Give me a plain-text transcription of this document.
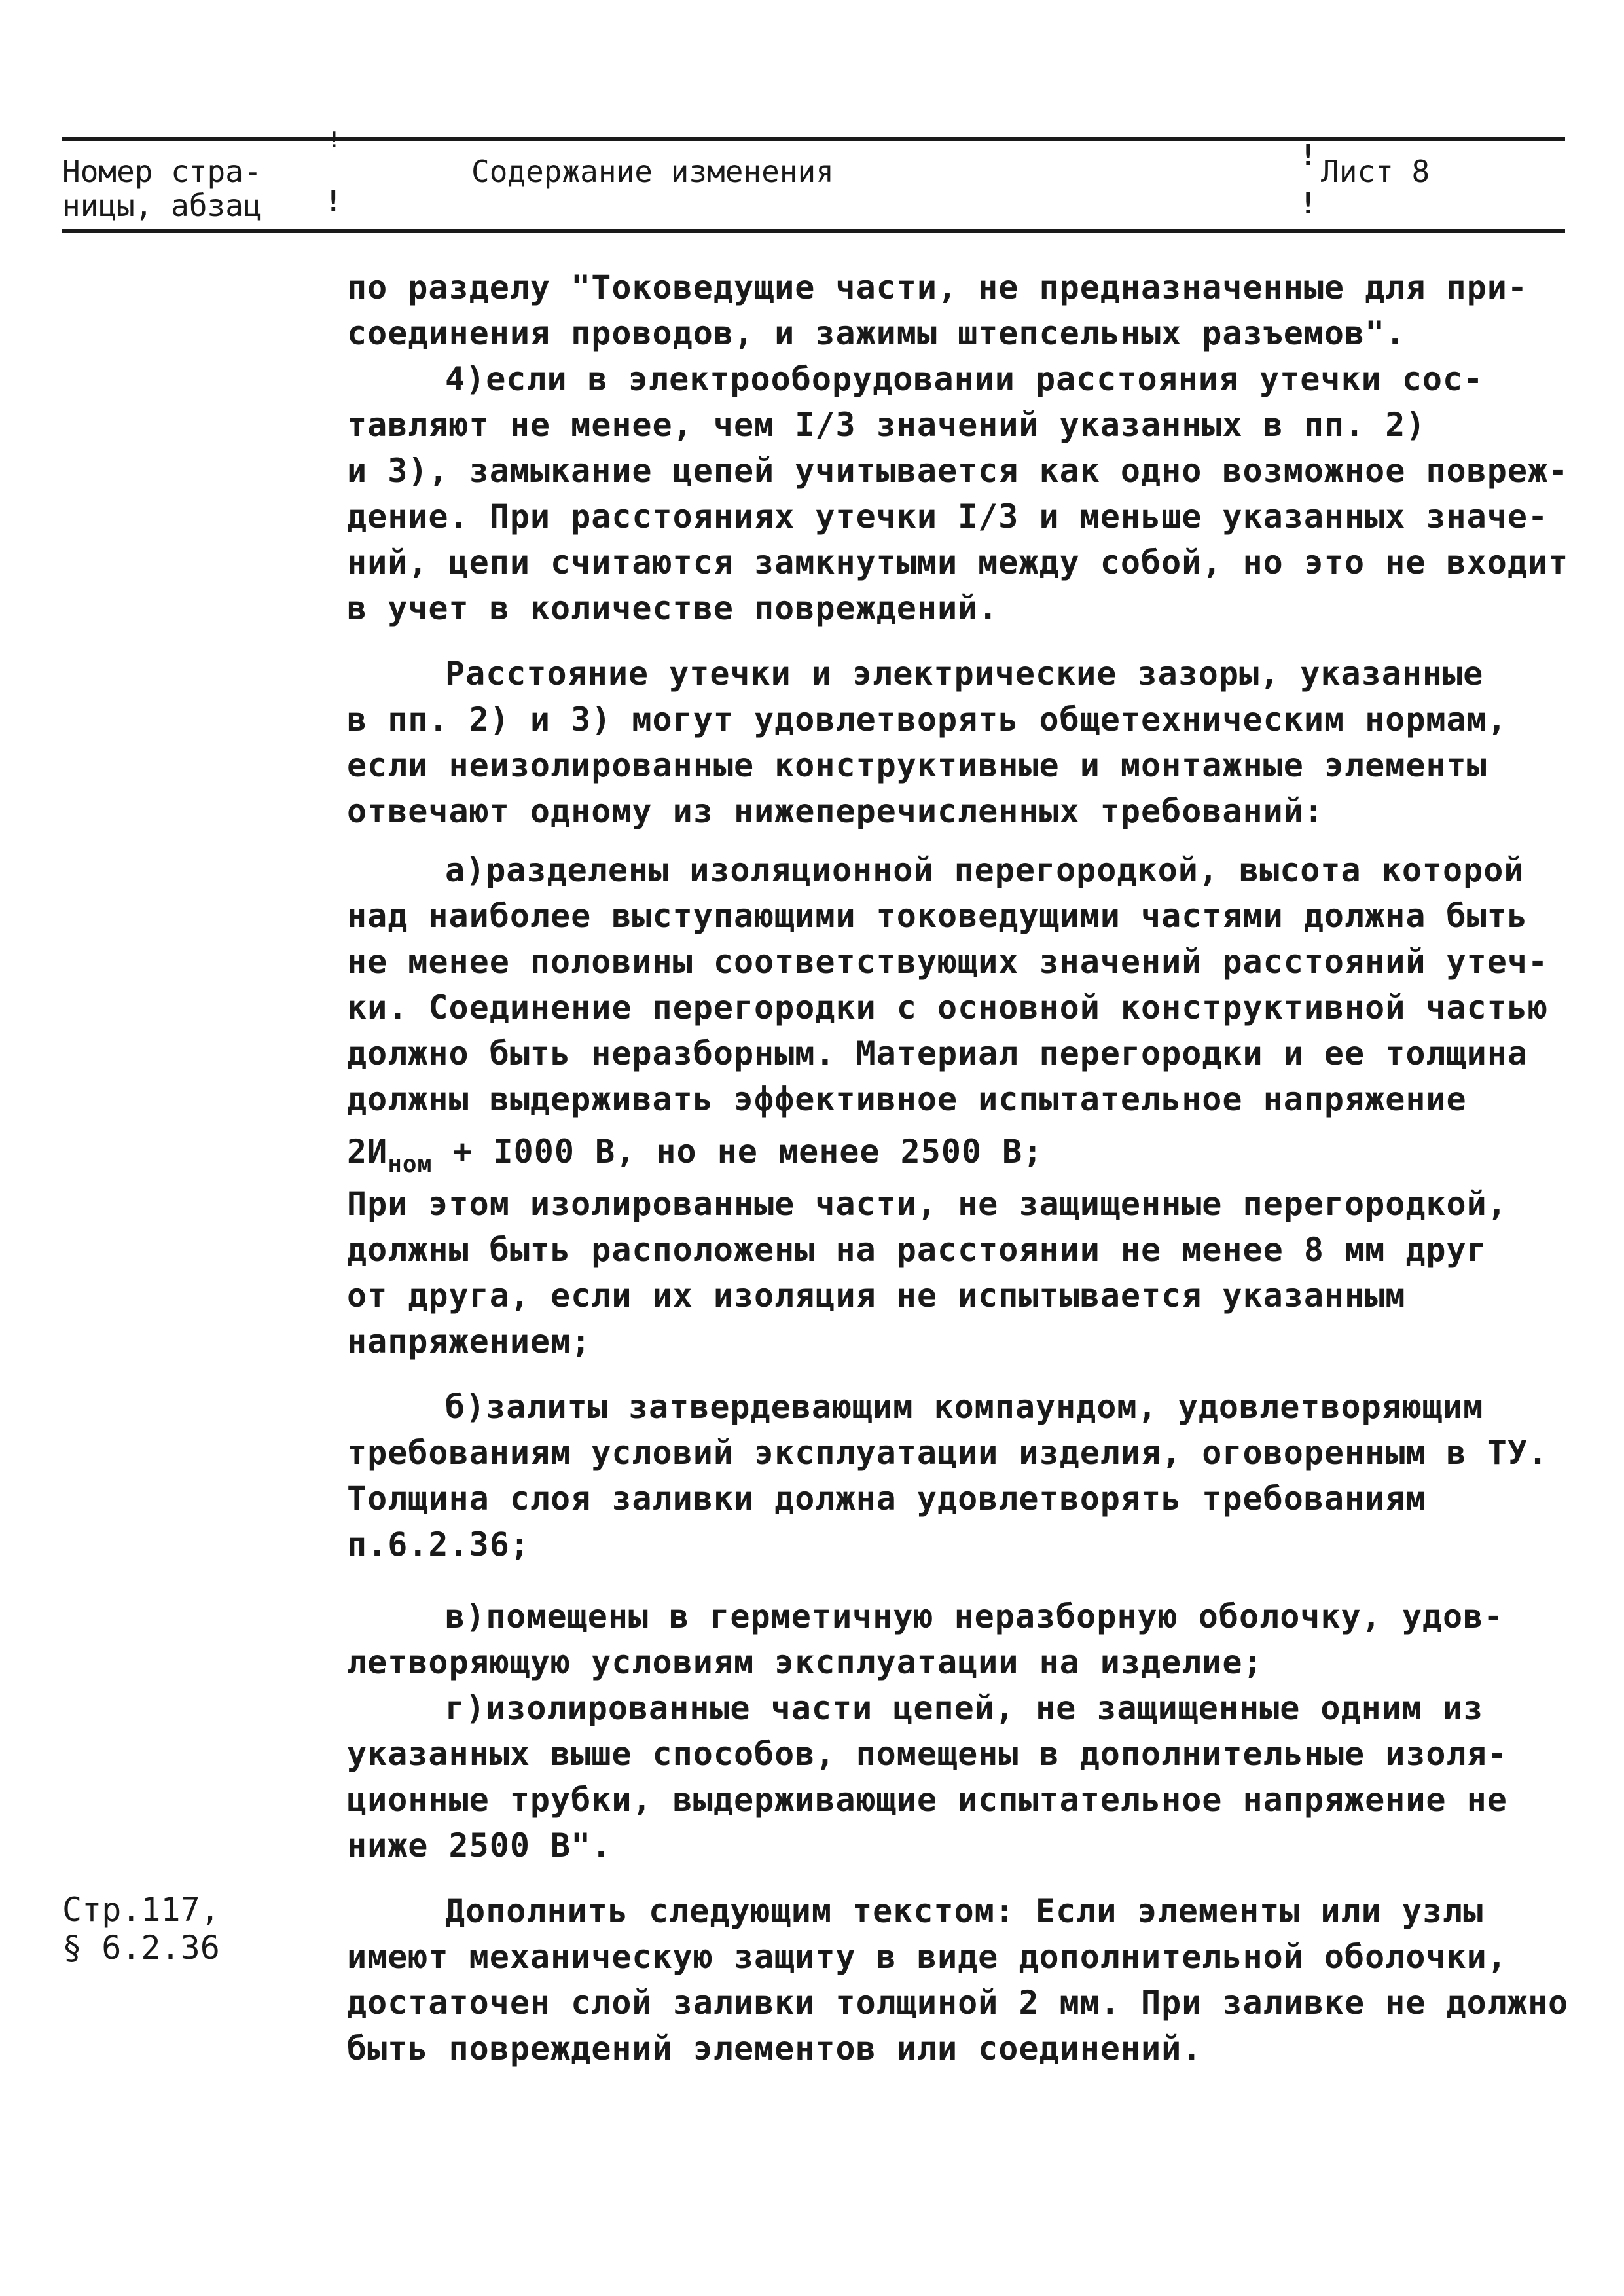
Номер стра-
ницы, абзац !
!
Содержание изменения	!
!
Лист 8
по разделу "Токоведущие части, не предназначенные для при-
соединения проводов, и зажимы штепсельных разъемов".
4)если в электрооборудовании расстояния утечки сос-
тавляют не менее, чем I/3 значений указанных в пп. 2)
и 3), замыкание цепей учитывается как одно возможное повреж-
дение. При расстояниях утечки I/3 и меньше указанных значе-
ний, цепи считаются замкнутыми между собой, но это не входит
в учет в количестве повреждений.
Расстояние утечки и электрические зазоры, указанные
в пп. 2) и 3) могут удовлетворять общетехническим нормам,
если неизолированные конструктивные и монтажные элементы
отвечают одному из нижеперечисленных требований:
а)разделены изоляционной перегородкой, высота которой
над наиболее выступающими токоведущими частями должна быть
не менее половины соответствующих значений расстояний утеч-
ки. Соединение перегородки с основной конструктивной частью
должно быть неразборным. Материал перегородки и ее толщина
должны выдерживать эффективное испытательное напряжение
$2И_{ном} + I000$ В, но не менее 2500 В;
При этом изолированные части, не защищенные перегородкой,
должны быть расположены на расстоянии не менее 8 мм друг
от друга, если их изоляция не испытывается указанным
напряжением;
б)залиты затвердевающим компаундом, удовлетворяющим
требованиям условий эксплуатации изделия, оговоренным в ТУ.
Толщина слоя заливки должна удовлетворять требованиям
п.6.2.36;
в)помещены в герметичную неразборную оболочку, удов-
летворяющую условиям эксплуатации на изделие;
г)изолированные части цепей, не защищенные одним из
указанных выше способов, помещены в дополнительные изоля-
ционные трубки, выдерживающие испытательное напряжение не
ниже 2500 В".
Дополнить следующим текстом: Если элементы или узлы
имеют механическую защиту в виде дополнительной оболочки,
достаточен слой заливки толщиной 2 мм. При заливке не должно
быть повреждений элементов или соединений.
Стр.117,
§ 6.2.36
